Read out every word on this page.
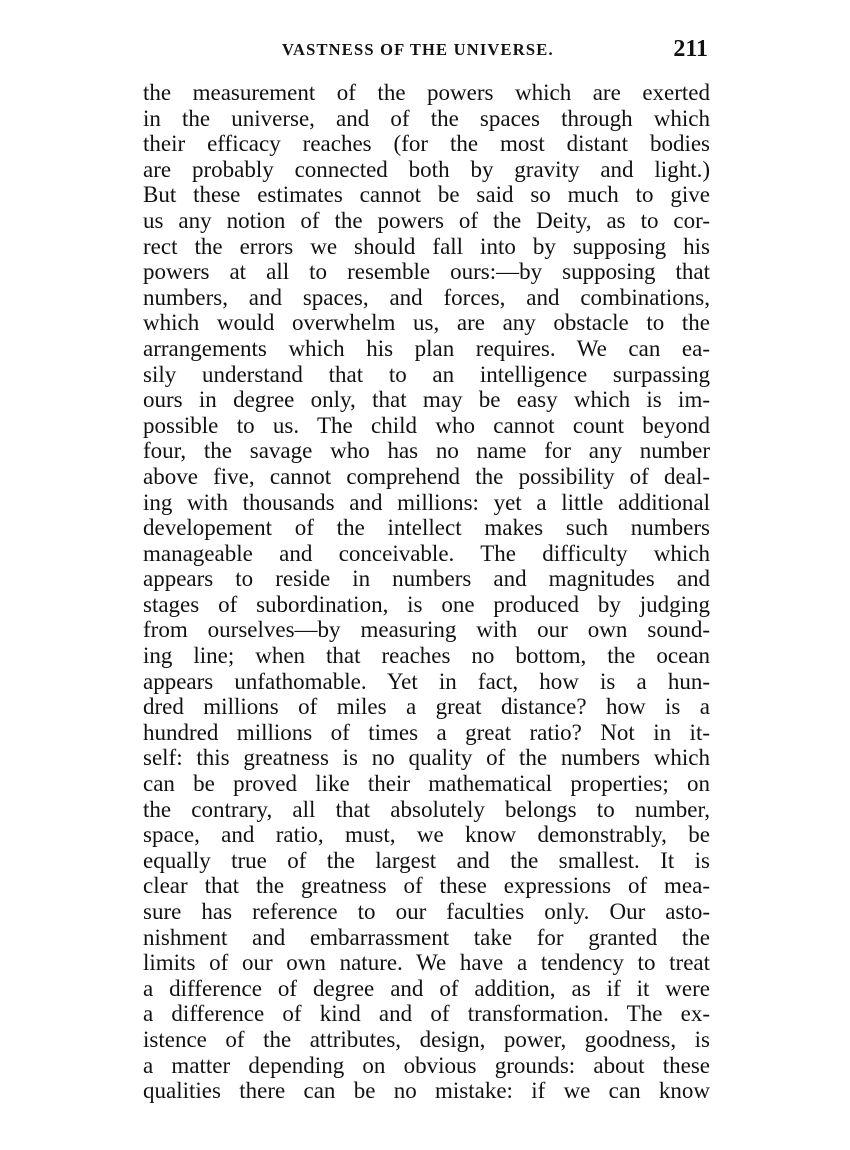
VASTNESS OF THE UNIVERSE.	211
the measurement of the powers which are exerted
in the universe, and of the spaces through which
their efficacy reaches (for the most distant bodies
are probably connected both by gravity and light.)
But these estimates cannot be said so much to give
us any notion of the powers of the Deity, as to cor-
rect the errors we should fall into by supposing his
powers at all to resemble ours:—by supposing that
numbers, and spaces, and forces, and combinations,
which would overwhelm us, are any obstacle to the
arrangements which his plan requires. We can ea-
sily understand that to an intelligence surpassing
ours in degree only, that may be easy which is im-
possible to us. The child who cannot count beyond
four, the savage who has no name for any number
above five, cannot comprehend the possibility of deal-
ing with thousands and millions: yet a little additional
developement of the intellect makes such numbers
manageable and conceivable. The difficulty which
appears to reside in numbers and magnitudes and
stages of subordination, is one produced by judging
from ourselves—by measuring with our own sound-
ing line; when that reaches no bottom, the ocean
appears unfathomable. Yet in fact, how is a hun-
dred millions of miles a great distance? how is a
hundred millions of times a great ratio? Not in it-
self: this greatness is no quality of the numbers which
can be proved like their mathematical properties; on
the contrary, all that absolutely belongs to number,
space, and ratio, must, we know demonstrably, be
equally true of the largest and the smallest. It is
clear that the greatness of these expressions of mea-
sure has reference to our faculties only. Our asto-
nishment and embarrassment take for granted the
limits of our own nature. We have a tendency to treat
a difference of degree and of addition, as if it were
a difference of kind and of transformation. The ex-
istence of the attributes, design, power, goodness, is
a matter depending on obvious grounds: about these
qualities there can be no mistake: if we can know
